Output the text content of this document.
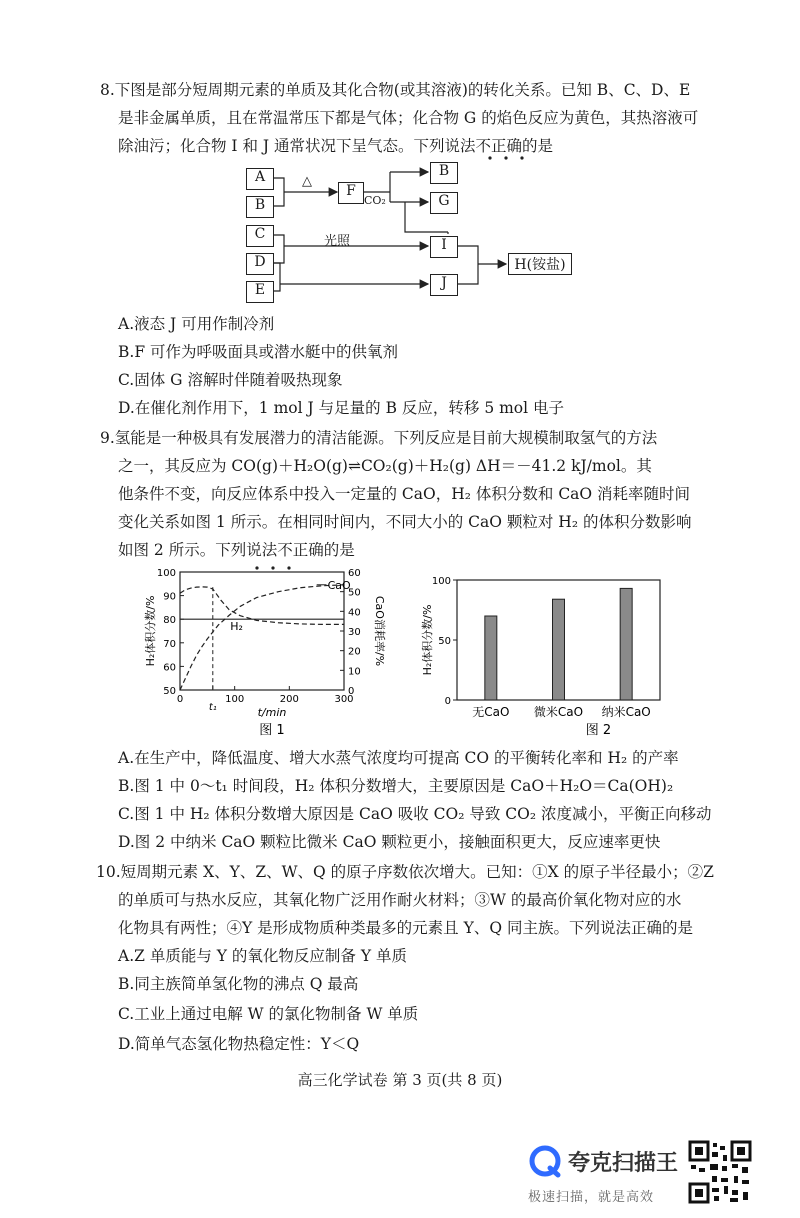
8.下图是部分短周期元素的单质及其化合物(或其溶液)的转化关系。已知 B、C、D、E
是非金属单质，且在常温常压下都是气体；化合物 G 的焰色反应为黄色，其热溶液可
除油污；化合物 I 和 J 通常状况下呈气态。下列说法不正确的是
A
B
C
D
E
F
B
G
I
J
H(铵盐)
△
CO₂
光照
A.液态 J 可用作制冷剂
B.F 可作为呼吸面具或潜水艇中的供氧剂
C.固体 G 溶解时伴随着吸热现象
D.在催化剂作用下，1 mol J 与足量的 B 反应，转移 5 mol 电子
9.氢能是一种极具有发展潜力的清洁能源。下列反应是目前大规模制取氢气的方法
之一，其反应为 CO(g)＋H₂O(g)⇌CO₂(g)＋H₂(g) ΔH＝－41.2 kJ/mol。其
他条件不变，向反应体系中投入一定量的 CaO，H₂ 体积分数和 CaO 消耗率随时间
变化关系如图 1 所示。在相同时间内，不同大小的 CaO 颗粒对 H₂ 的体积分数影响
如图 2 所示。下列说法不正确的是
50
60
70
80
90
100
0
10
20
30
40
50
60
0
t₁
100	200	300
CaO
H₂
t/min
H₂体积分数/%	CaO消耗率/%
图 1
0
50
100
无CaO 微米CaO 纳米CaO
H₂体积分数/%
图 2
A.在生产中，降低温度、增大水蒸气浓度均可提高 CO 的平衡转化率和 H₂ 的产率
B.图 1 中 0～t₁ 时间段，H₂ 体积分数增大，主要原因是 CaO＋H₂O＝Ca(OH)₂
C.图 1 中 H₂ 体积分数增大原因是 CaO 吸收 CO₂ 导致 CO₂ 浓度减小，平衡正向移动
D.图 2 中纳米 CaO 颗粒比微米 CaO 颗粒更小，接触面积更大，反应速率更快
10.短周期元素 X、Y、Z、W、Q 的原子序数依次增大。已知：①X 的原子半径最小；②Z
的单质可与热水反应，其氧化物广泛用作耐火材料；③W 的最高价氧化物对应的水
化物具有两性；④Y 是形成物质种类最多的元素且 Y、Q 同主族。下列说法正确的是
A.Z 单质能与 Y 的氧化物反应制备 Y 单质
B.同主族简单氢化物的沸点 Q 最高
C.工业上通过电解 W 的氯化物制备 W 单质
D.简单气态氢化物热稳定性：Y＜Q
高三化学试卷 第 3 页(共 8 页)
夸克扫描王
极速扫描，就是高效
